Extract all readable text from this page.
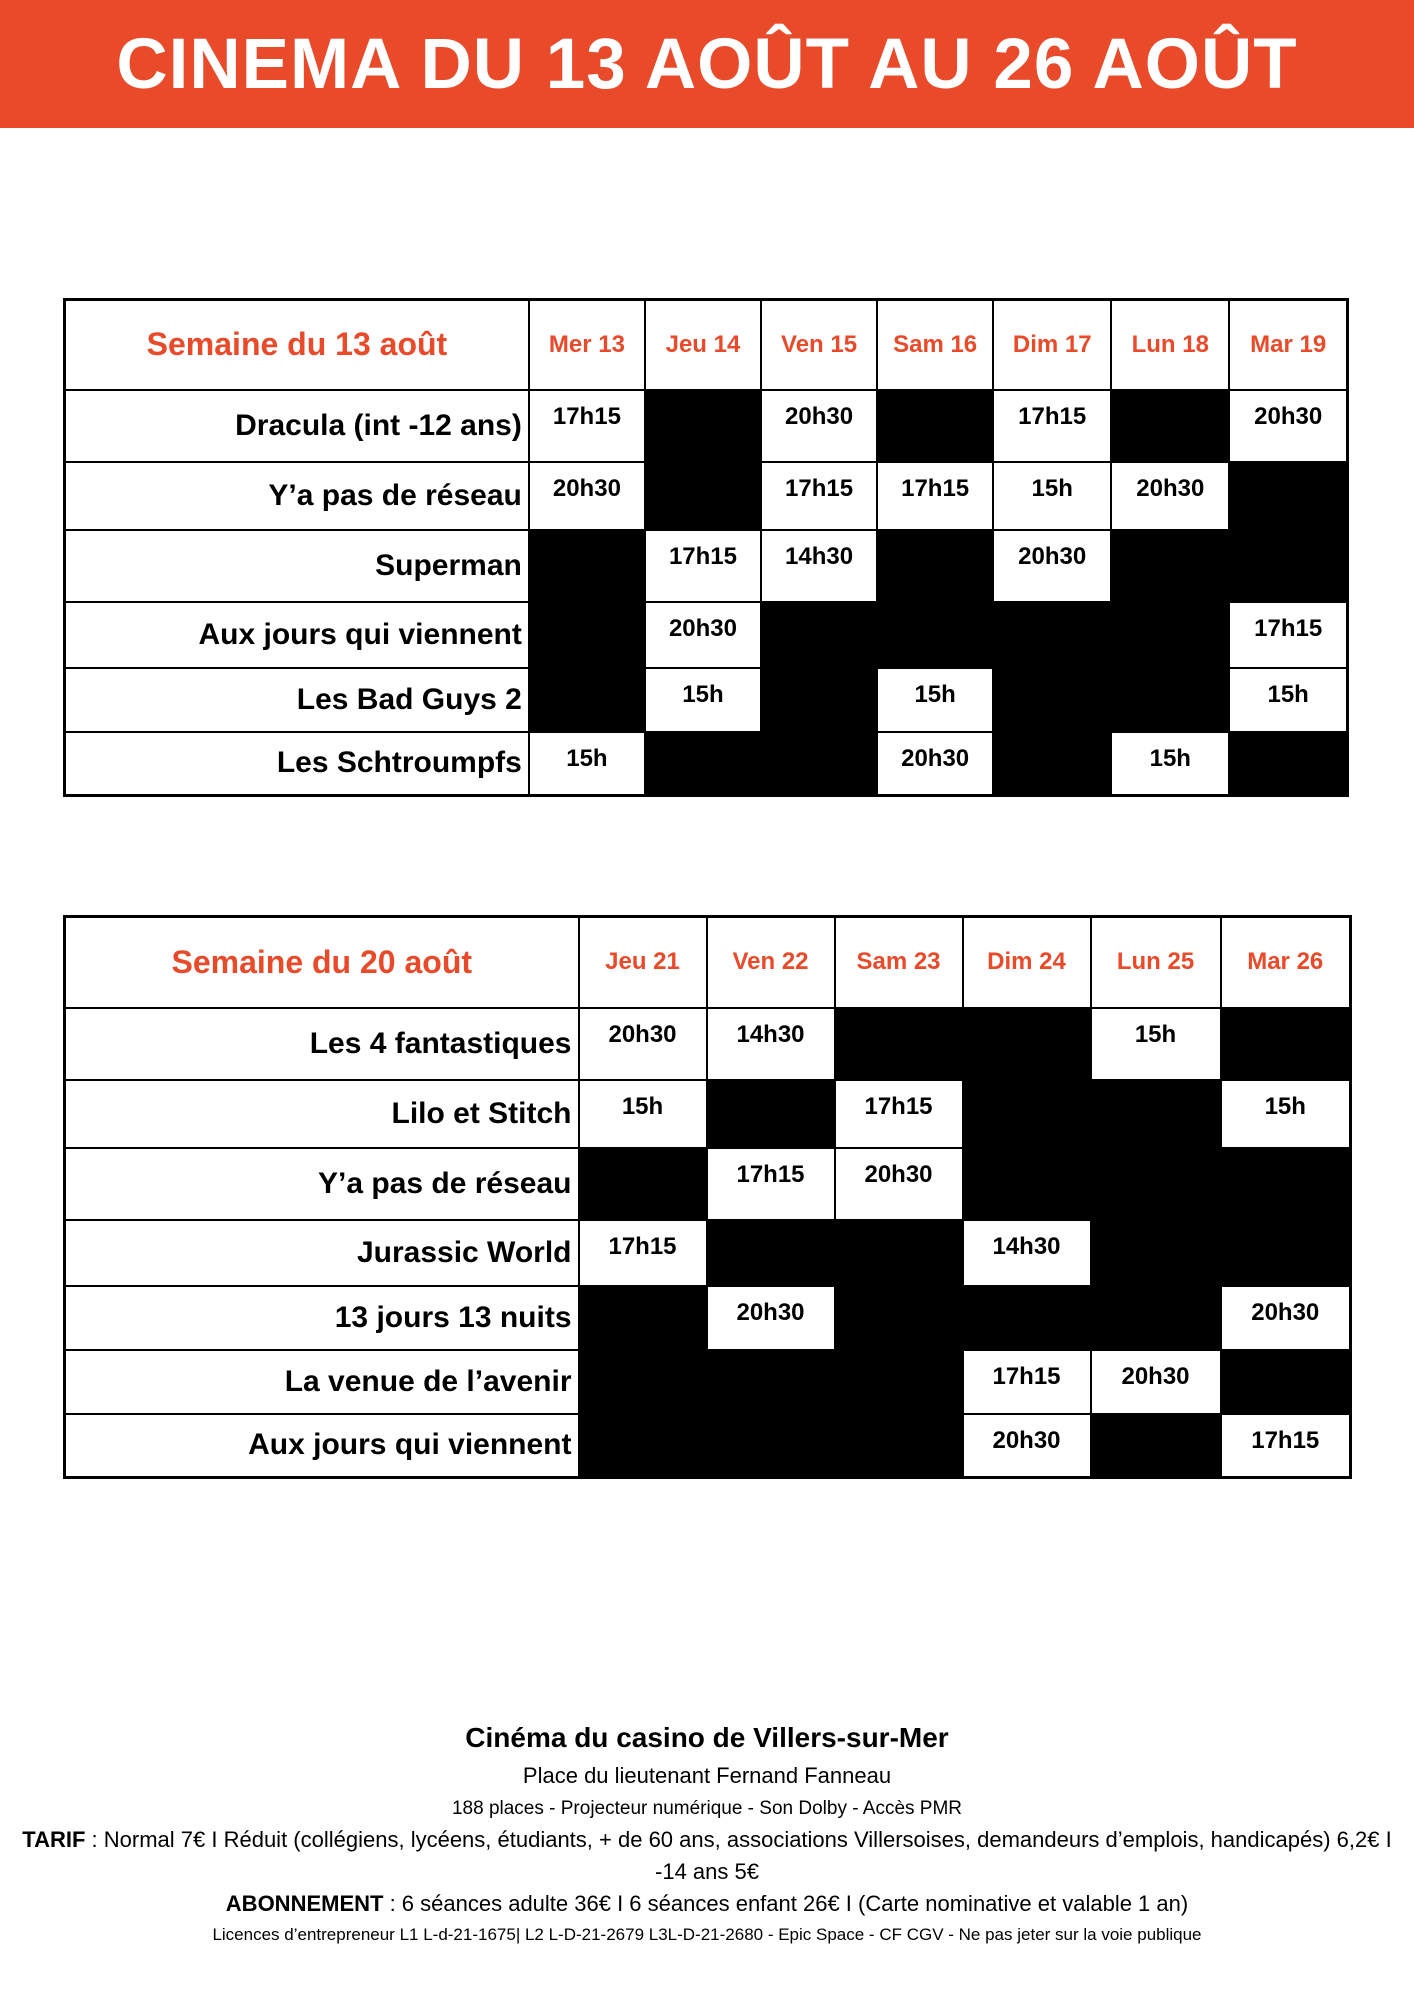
CINEMA DU 13 AOÛT AU 26 AOÛT
Semaine du 13 août	Mer 13	Jeu 14	Ven 15	Sam 16	Dim 17	Lun 18	Mar 19
Dracula (int -12 ans)	17h15		20h30		17h15		20h30
Y’a pas de réseau	20h30		17h15	17h15	15h	20h30	
Superman		17h15	14h30		20h30		
Aux jours qui viennent		20h30					17h15
Les Bad Guys 2		15h		15h			15h
Les Schtroumpfs	15h			20h30		15h	
Semaine du 20 août	Jeu 21	Ven 22	Sam 23	Dim 24	Lun 25	Mar 26
Les 4 fantastiques	20h30	14h30			15h	
Lilo et Stitch	15h		17h15			15h
Y’a pas de réseau		17h15	20h30			
Jurassic World	17h15			14h30		
13 jours 13 nuits		20h30				20h30
La venue de l’avenir				17h15	20h30	
Aux jours qui viennent				20h30		17h15
Cinéma du casino de Villers-sur-Mer
Place du lieutenant Fernand Fanneau
188 places - Projecteur numérique - Son Dolby - Accès PMR
TARIF : Normal 7€ I Réduit (collégiens, lycéens, étudiants, + de 60 ans, associations Villersoises, demandeurs d’emplois, handicapés) 6,2€ I -14 ans 5€
ABONNEMENT : 6 séances adulte 36€ I 6 séances enfant 26€ I (Carte nominative et valable 1 an)
Licences d’entrepreneur L1 L-d-21-1675| L2 L-D-21-2679 L3L-D-21-2680 - Epic Space - CF CGV - Ne pas jeter sur la voie publique
